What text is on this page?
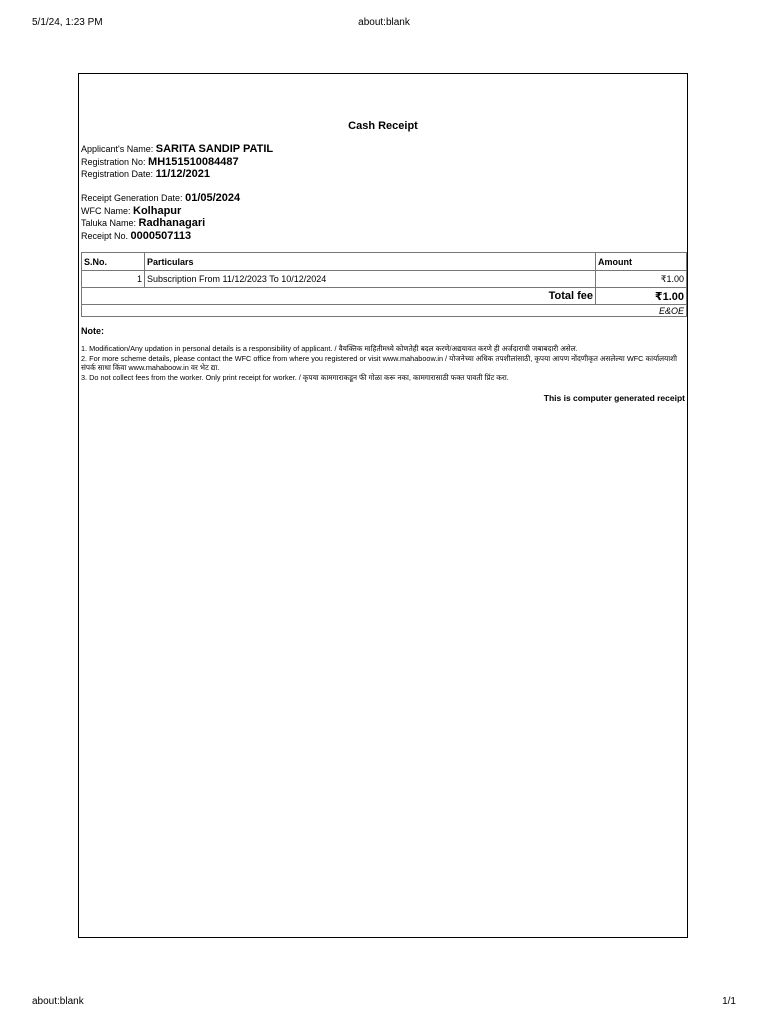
5/1/24, 1:23 PM	about:blank
Cash Receipt
Applicant's Name: SARITA SANDIP PATIL
Registration No: MH151510084487
Registration Date: 11/12/2021
Receipt Generation Date: 01/05/2024
WFC Name: Kolhapur
Taluka Name: Radhanagari
Receipt No. 0000507113
S.No.	Particulars	Amount
1	Subscription From 11/12/2023 To 10/12/2024	₹1.00
Total fee		₹1.00
E&OE		
Note:
1. Modification/Any updation in personal details is a responsibility of applicant. / वैयक्तिक माहितीमध्ये कोणतेही बदल करणे/अद्ययावत करणे ही अर्जदाराची जबाबदारी असेल.
2. For more scheme details, please contact the WFC office from where you registered or visit www.mahaboow.in / योजनेच्या अधिक तपशीलांसाठी, कृपया आपण नोंदणीकृत असलेल्या WFC कार्यालयाशी संपर्क साधा किंवा www.mahaboow.in वर भेट द्या.
3. Do not collect fees from the worker. Only print receipt for worker. / कृपया कामगाराकडून फी गोळा करू नका, कामगारासाठी फक्त पावती प्रिंट करा.
This is computer generated receipt
about:blank	1/1
